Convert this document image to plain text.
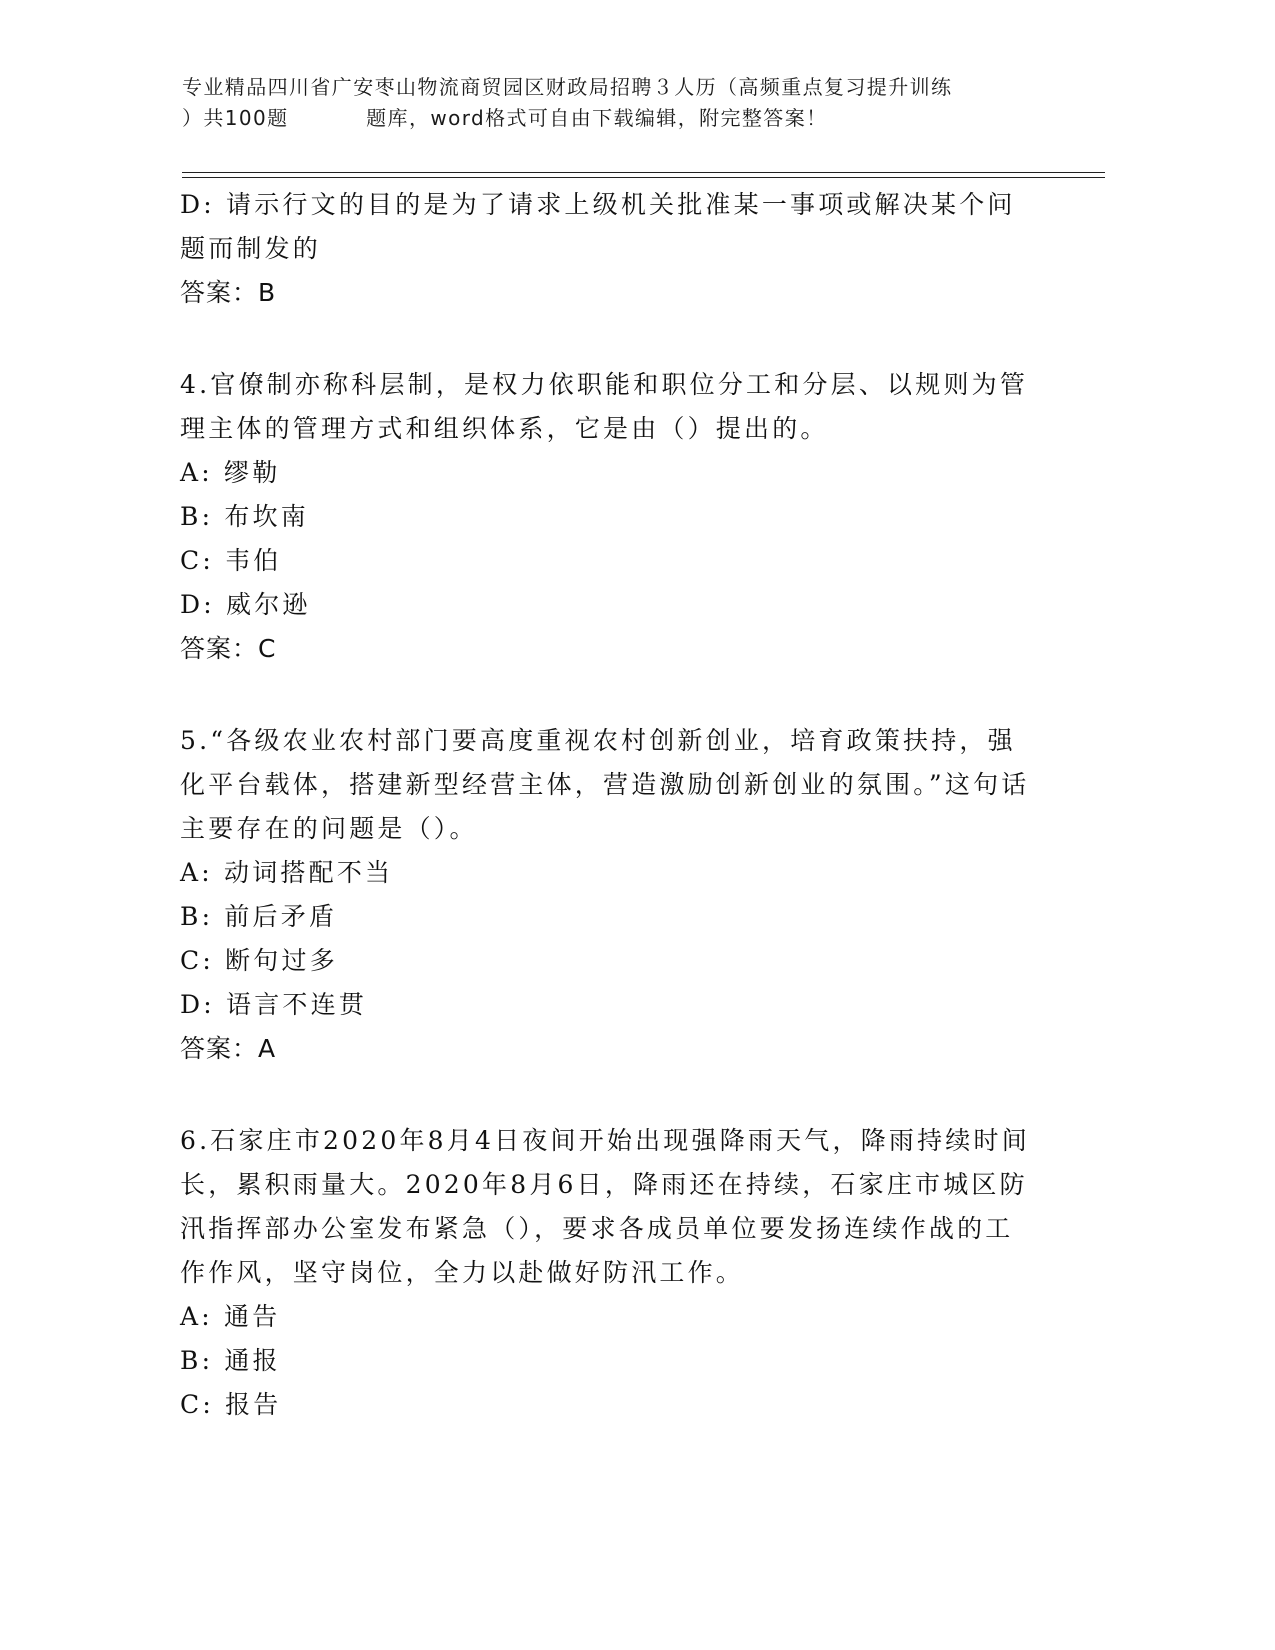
专业精品四川省广安枣山物流商贸园区财政局招聘３人历（高频重点复习提升训练
）共100题          题库，word格式可自由下载编辑，附完整答案！

D: 请示行文的目的是为了请求上级机关批准某一事项或解决某个问题而制发的

答案：B

4.官僚制亦称科层制，是权力依职能和职位分工和分层、以规则为管理主体的管理方式和组织体系，它是由（）提出的。

A: 缪勒

B: 布坎南

C: 韦伯

D: 威尔逊

答案：C

5.“各级农业农村部门要高度重视农村创新创业，培育政策扶持，强化平台载体，搭建新型经营主体，营造激励创新创业的氛围。”这句话主要存在的问题是（）。

A: 动词搭配不当

B: 前后矛盾

C: 断句过多

D: 语言不连贯

答案：A

6.石家庄市2020年8月4日夜间开始出现强降雨天气，降雨持续时间长，累积雨量大。2020年8月6日，降雨还在持续，石家庄市城区防汛指挥部办公室发布紧急（），要求各成员单位要发扬连续作战的工作作风，坚守岗位，全力以赴做好防汛工作。

A: 通告

B: 通报

C: 报告
